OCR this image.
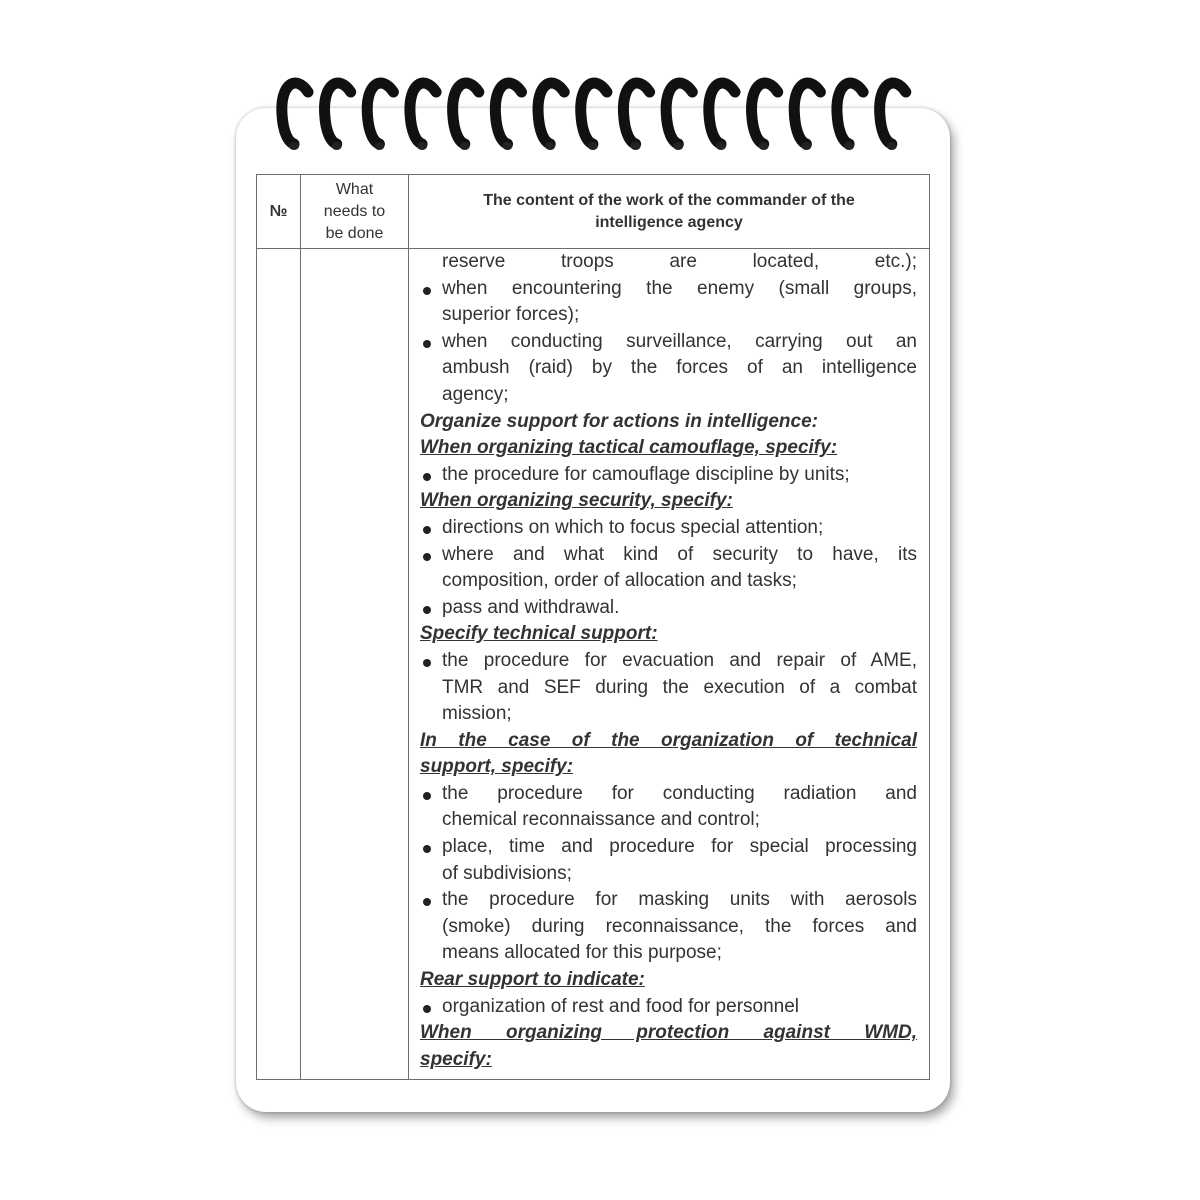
№
What
needs to
be done
The content of the work of the commander of the
intelligence agency
reserve troops are located, etc.);
when encountering the enemy (small groups,
superior forces);
when conducting surveillance, carrying out an
ambush (raid) by the forces of an intelligence
agency;
Organize support for actions in intelligence:
When organizing tactical camouflage, specify:
the procedure for camouflage discipline by units;
When organizing security, specify:
directions on which to focus special attention;
where and what kind of security to have, its
composition, order of allocation and tasks;
pass and withdrawal.
Specify technical support:
the procedure for evacuation and repair of AME,
TMR and SEF during the execution of a combat
mission;
In the case of the organization of technical
support, specify:
the procedure for conducting radiation and
chemical reconnaissance and control;
place, time and procedure for special processing
of subdivisions;
the procedure for masking units with aerosols
(smoke) during reconnaissance, the forces and
means allocated for this purpose;
Rear support to indicate:
organization of rest and food for personnel
When organizing protection against WMD,
specify:
